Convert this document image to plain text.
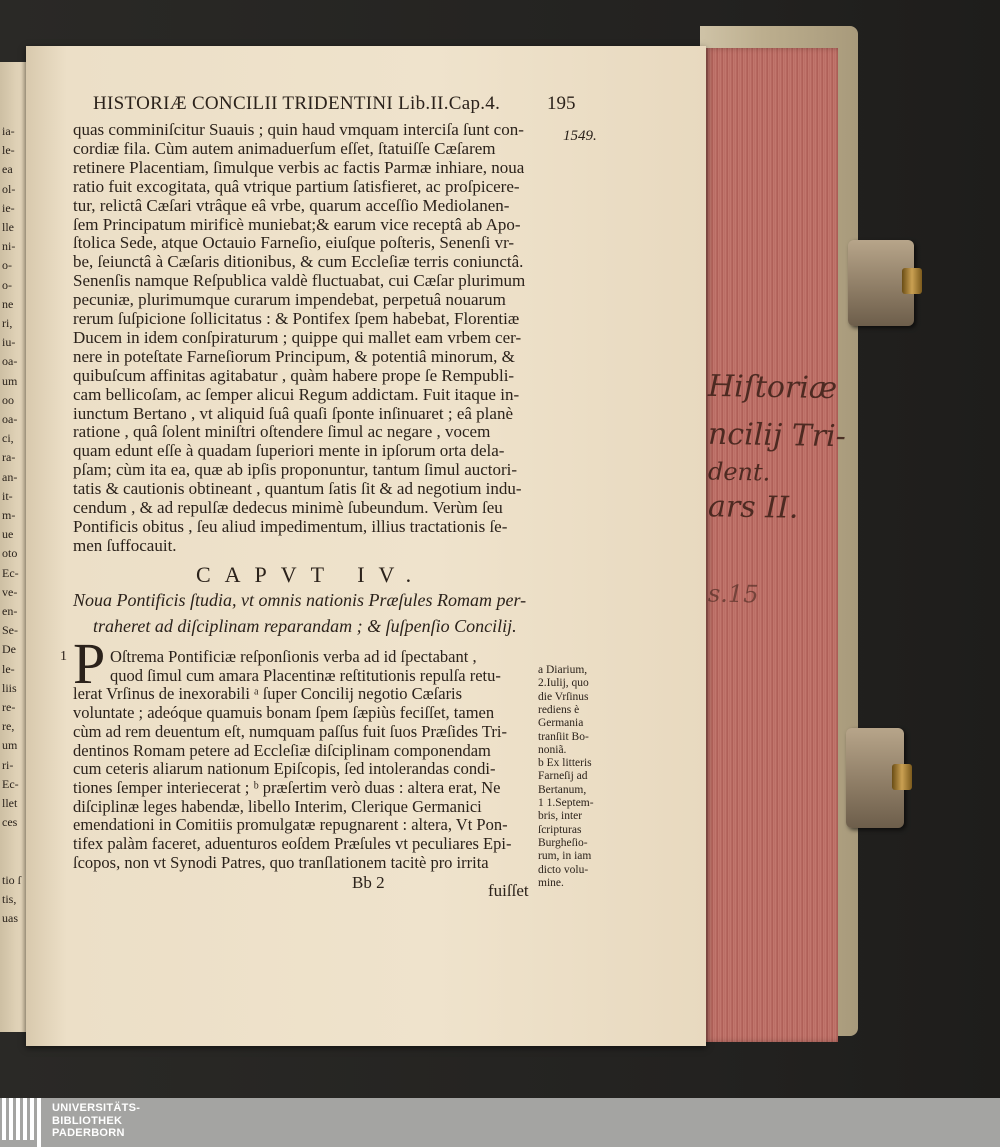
Hiſtoriæ
ncilij Tri-
dent.
ars II.
s.15
ia-
le-
ea
ol-
ie-
lle
ni-
o-
o-
ne
ri,
iu-
oa-
um
oo
oa-
ci,
ra-
an-
it-
m-
ue
oto
Ec-
ve-
en-
Se-
De
le-
liis
re-
re,
um
ri-
Ec-
llet
ces
tio ſ
tis,
uas
HISTORIÆ CONCILII TRIDENTINI Lib.II.Cap.4. 195
1549.
quas comminiſcitur Suauis ; quin haud vmquam interciſa ſunt con-
cordiæ fila. Cùm autem animaduerſum eſſet, ſtatuiſſe Cæſarem
retinere Placentiam, ſimulque verbis ac factis Parmæ inhiare, noua
ratio fuit excogitata, quâ vtrique partium ſatisfieret, ac proſpicere-
tur, relictâ Cæſari vtrâque eâ vrbe, quarum acceſſio Mediolanen-
ſem Principatum mirificè muniebat;& earum vice receptâ ab Apo-
ſtolica Sede, atque Octauio Farneſio, eiuſque poſteris, Senenſi vr-
be, ſeiunctâ à Cæſaris ditionibus, & cum Eccleſiæ terris coniunctâ.
Senenſis namque Reſpublica valdè fluctuabat, cui Cæſar plurimum
pecuniæ, plurimumque curarum impendebat, perpetuâ nouarum
rerum ſuſpicione ſollicitatus : & Pontifex ſpem habebat, Florentiæ
Ducem in idem conſpiraturum ; quippe qui mallet eam vrbem cer-
nere in poteſtate Farneſiorum Principum, & potentiâ minorum, &
quibuſcum affinitas agitabatur , quàm habere prope ſe Rempubli-
cam bellicoſam, ac ſemper alicui Regum addictam. Fuit itaque in-
iunctum Bertano , vt aliquid ſuâ quaſi ſponte inſinuaret ; eâ planè
ratione , quâ ſolent miniſtri oſtendere ſimul ac negare , vocem
quam edunt eſſe à quadam ſuperiori mente in ipſorum orta dela-
pſam; cùm ita ea, quæ ab ipſis proponuntur, tantum ſimul auctori-
tatis & cautionis obtineant , quantum ſatis ſit & ad negotium indu-
cendum , & ad repulſæ dedecus minimè ſubeundum. Verùm ſeu
Pontificis obitus , ſeu aliud impedimentum, illius tractationis ſe-
men ſuffocauit.
CAPVT IV.
Noua Pontificis ſtudia, vt omnis nationis Præſules Romam per-
traheret ad diſciplinam reparandam ; & ſuſpenſio Concilij.
1 P Oſtrema Pontificiæ reſponſionis verba ad id ſpectabant ,
quod ſimul cum amara Placentinæ reſtitutionis repulſa retu-
lerat Vrſinus de inexorabili ᵃ ſuper Concilij negotio Cæſaris
voluntate ; adeóque quamuis bonam ſpem ſæpiùs feciſſet, tamen
cùm ad rem deuentum eſt, numquam paſſus fuit ſuos Præſides Tri-
dentinos Romam petere ad Eccleſiæ diſciplinam componendam
cum ceteris aliarum nationum Epiſcopis, ſed intolerandas condi-
tiones ſemper interiecerat ; ᵇ præſertim verò duas : altera erat, Ne
diſciplinæ leges habendæ, libello Interim, Clerique Germanici
emendationi in Comitiis promulgatæ repugnarent : altera, Vt Pon-
tifex palàm faceret, aduenturos eoſdem Præſules vt peculiares Epi-
ſcopos, non vt Synodi Patres, quo tranſlationem tacitè pro irrita
a Diarium,
2.Iulij, quo
die Vrſinus
rediens è
Germania
tranſiit Bo-
noniã.
b Ex litteris
Farneſij ad
Bertanum,
1 1.Septem-
bris, inter
ſcripturas
Burgheſio-
rum, in iam
dicto volu-
mine.
Bb 2	fuiſſet
UNIVERSITÄTS-
BIBLIOTHEK
PADERBORN
